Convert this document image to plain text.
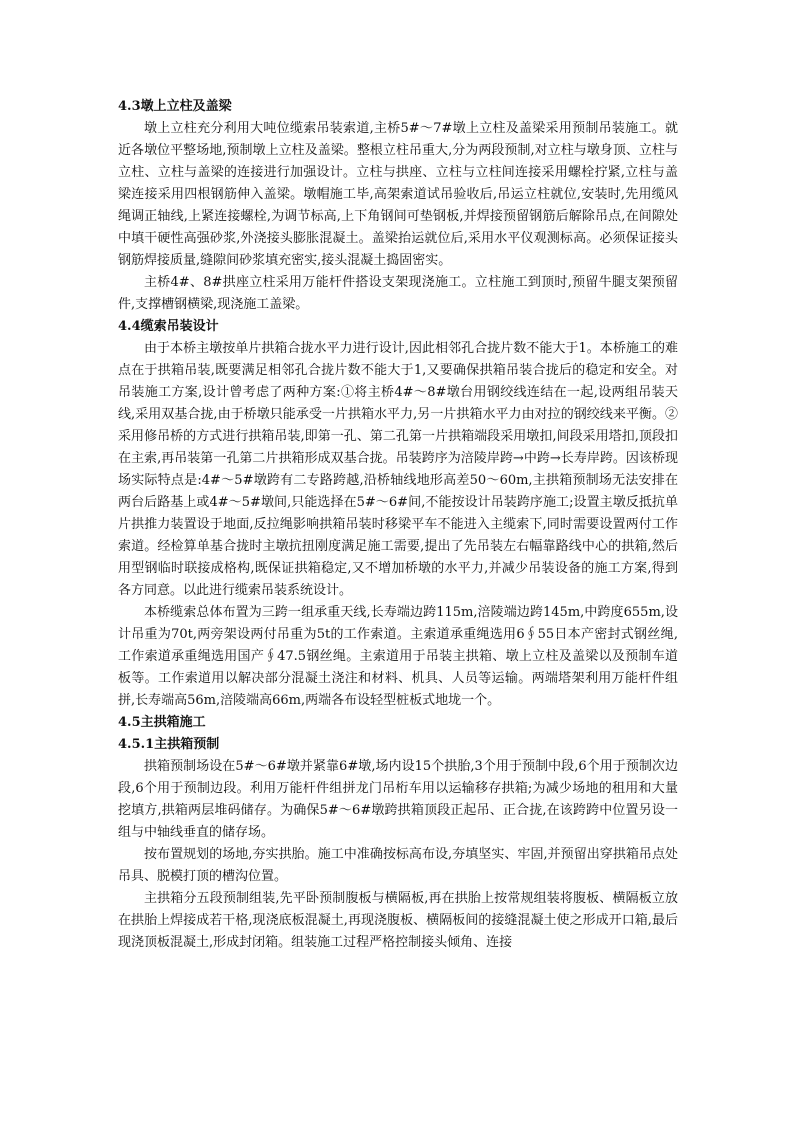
4.3墩上立柱及盖梁

墩上立柱充分利用大吨位缆索吊装索道,主桥5#～7#墩上立柱及盖梁采用预制吊装施工。就近各墩位平整场地,预制墩上立柱及盖梁。整根立柱吊重大,分为两段预制,对立柱与墩身顶、立柱与立柱、立柱与盖梁的连接进行加强设计。立柱与拱座、立柱与立柱间连接采用螺栓拧紧,立柱与盖梁连接采用四根钢筋伸入盖梁。墩帽施工毕,高架索道试吊验收后,吊运立柱就位,安装时,先用缆风绳调正轴线,上紧连接螺栓,为调节标高,上下角钢间可垫钢板,并焊接预留钢筋后解除吊点,在间隙处中填干硬性高强砂浆,外浇接头膨胀混凝土。盖梁抬运就位后,采用水平仪观测标高。必须保证接头钢筋焊接质量,缝隙间砂浆填充密实,接头混凝土捣固密实。

主桥4#、8#拱座立柱采用万能杆件搭设支架现浇施工。立柱施工到顶时,预留牛腿支架预留件,支撑槽钢横梁,现浇施工盖梁。

4.4缆索吊装设计

由于本桥主墩按单片拱箱合拢水平力进行设计,因此相邻孔合拢片数不能大于1。本桥施工的难点在于拱箱吊装,既要满足相邻孔合拢片数不能大于1,又要确保拱箱吊装合拢后的稳定和安全。对吊装施工方案,设计曾考虑了两种方案:①将主桥4#～8#墩台用钢绞线连结在一起,设两组吊装天线,采用双基合拢,由于桥墩只能承受一片拱箱水平力,另一片拱箱水平力由对拉的钢绞线来平衡。②采用修吊桥的方式进行拱箱吊装,即第一孔、第二孔第一片拱箱端段采用墩扣,间段采用塔扣,顶段扣在主索,再吊装第一孔第二片拱箱形成双基合拢。吊装跨序为涪陵岸跨→中跨→长寿岸跨。因该桥现场实际特点是:4#～5#墩跨有二专路跨越,沿桥轴线地形高差50～60m,主拱箱预制场无法安排在两台后路基上或4#～5#墩间,只能选择在5#～6#间,不能按设计吊装跨序施工;设置主墩反抵抗单片拱推力装置设于地面,反拉绳影响拱箱吊装时移梁平车不能进入主缆索下,同时需要设置两付工作索道。经检算单基合拢时主墩抗扭刚度满足施工需要,提出了先吊装左右幅靠路线中心的拱箱,然后用型钢临时联接成格构,既保证拱箱稳定,又不增加桥墩的水平力,并减少吊装设备的施工方案,得到各方同意。以此进行缆索吊装系统设计。

本桥缆索总体布置为三跨一组承重天线,长寿端边跨115m,涪陵端边跨145m,中跨度655m,设计吊重为70t,两旁架设两付吊重为5t的工作索道。主索道承重绳选用6∮55日本产密封式钢丝绳,工作索道承重绳选用国产∮47.5钢丝绳。主索道用于吊装主拱箱、墩上立柱及盖梁以及预制车道板等。工作索道用以解决部分混凝土浇注和材料、机具、人员等运输。两端塔架利用万能杆件组拼,长寿端高56m,涪陵端高66m,两端各布设轻型桩板式地垅一个。

4.5主拱箱施工

4.5.1主拱箱预制

拱箱预制场设在5#～6#墩并紧靠6#墩,场内设15个拱胎,3个用于预制中段,6个用于预制次边段,6个用于预制边段。利用万能杆件组拼龙门吊桁车用以运输移存拱箱;为减少场地的租用和大量挖填方,拱箱两层堆码储存。为确保5#～6#墩跨拱箱顶段正起吊、正合拢,在该跨跨中位置另设一组与中轴线垂直的储存场。

按布置规划的场地,夯实拱胎。施工中准确按标高布设,夯填坚实、牢固,并预留出穿拱箱吊点处吊具、脱模打顶的槽沟位置。

主拱箱分五段预制组装,先平卧预制腹板与横隔板,再在拱胎上按常规组装将腹板、横隔板立放在拱胎上焊接成若干格,现浇底板混凝土,再现浇腹板、横隔板间的接缝混凝土使之形成开口箱,最后现浇顶板混凝土,形成封闭箱。组装施工过程严格控制接头倾角、连接
